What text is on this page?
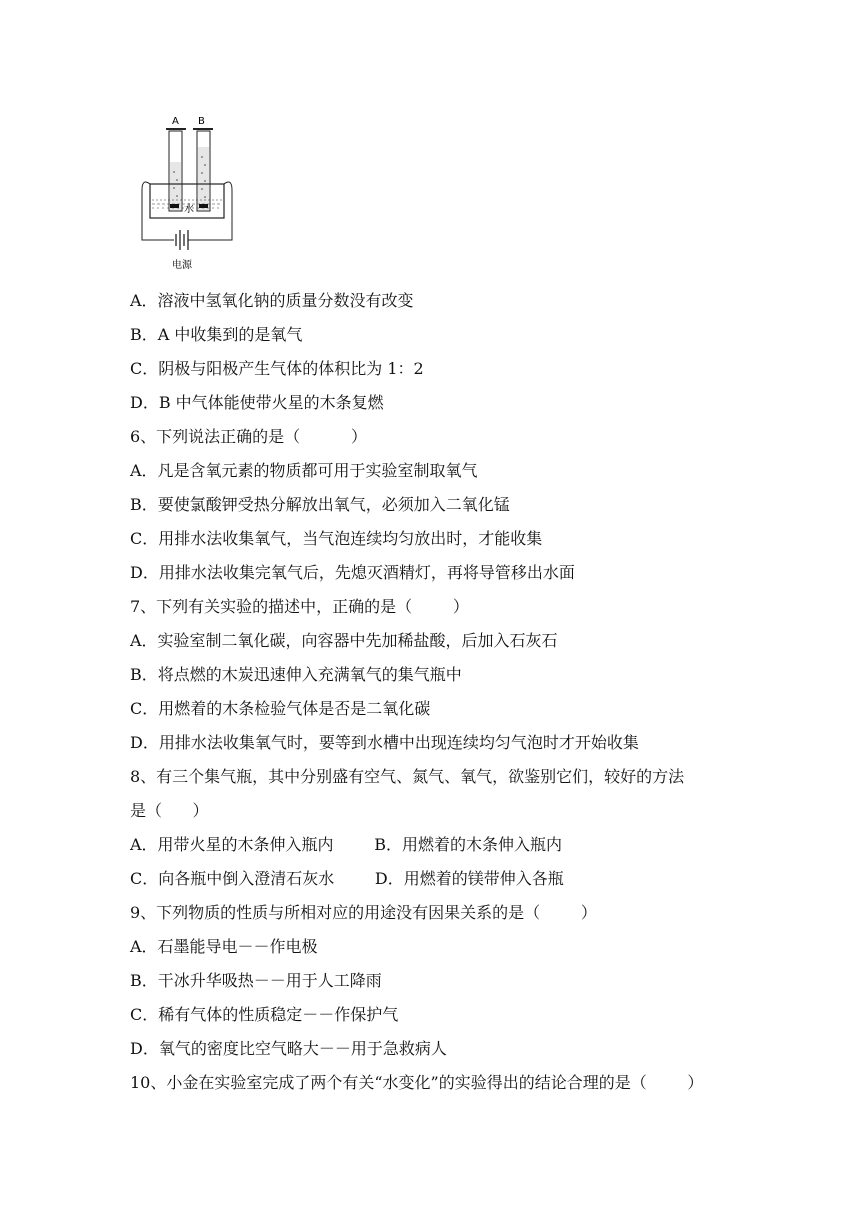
A B
水
电源
A．溶液中氢氧化钠的质量分数没有改变
B．A 中收集到的是氧气
C．阴极与阳极产生气体的体积比为 1：2
D．B 中气体能使带火星的木条复燃
6、下列说法正确的是（          ）
A．凡是含氧元素的物质都可用于实验室制取氧气
B．要使氯酸钾受热分解放出氧气，必须加入二氧化锰
C．用排水法收集氧气，当气泡连续均匀放出时，才能收集
D．用排水法收集完氧气后，先熄灭酒精灯，再将导管移出水面
7、下列有关实验的描述中，正确的是（        ）
A．实验室制二氧化碳，向容器中先加稀盐酸，后加入石灰石
B．将点燃的木炭迅速伸入充满氧气的集气瓶中
C．用燃着的木条检验气体是否是二氧化碳
D．用排水法收集氧气时，要等到水槽中出现连续均匀气泡时才开始收集
8、有三个集气瓶，其中分别盛有空气、氮气、氧气，欲鉴别它们，较好的方法
是（      ）
A．用带火星的木条伸入瓶内        B．用燃着的木条伸入瓶内
C．向各瓶中倒入澄清石灰水        D．用燃着的镁带伸入各瓶
9、下列物质的性质与所相对应的用途没有因果关系的是（        ）
A．石墨能导电－－作电极
B．干冰升华吸热－－用于人工降雨
C．稀有气体的性质稳定－－作保护气
D．氧气的密度比空气略大－－用于急救病人
10、小金在实验室完成了两个有关“水变化”的实验得出的结论合理的是（        ）
